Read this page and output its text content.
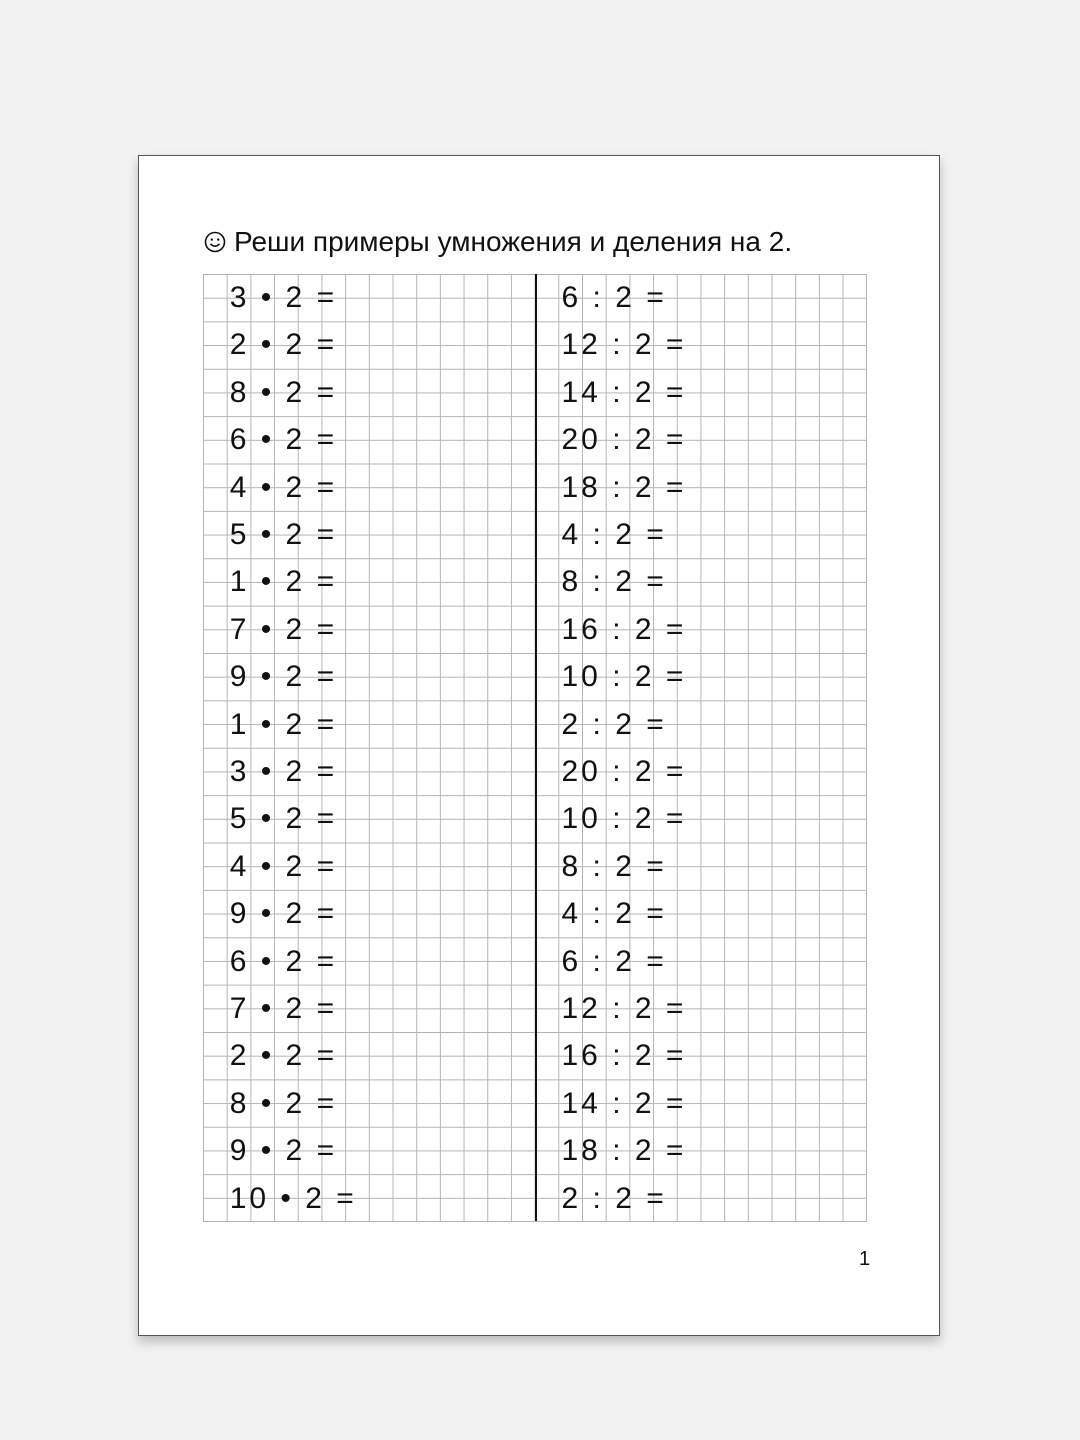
Реши примеры умножения и деления на 2.
3 • 2 =
2 • 2 =
8 • 2 =
6 • 2 =
4 • 2 =
5 • 2 =
1 • 2 =
7 • 2 =
9 • 2 =
1 • 2 =
3 • 2 =
5 • 2 =
4 • 2 =
9 • 2 =
6 • 2 =
7 • 2 =
2 • 2 =
8 • 2 =
9 • 2 =
10 • 2 =
6 : 2 =
12 : 2 =
14 : 2 =
20 : 2 =
18 : 2 =
4 : 2 =
8 : 2 =
16 : 2 =
10 : 2 =
2 : 2 =
20 : 2 =
10 : 2 =
8 : 2 =
4 : 2 =
6 : 2 =
12 : 2 =
16 : 2 =
14 : 2 =
18 : 2 =
2 : 2 =
1
